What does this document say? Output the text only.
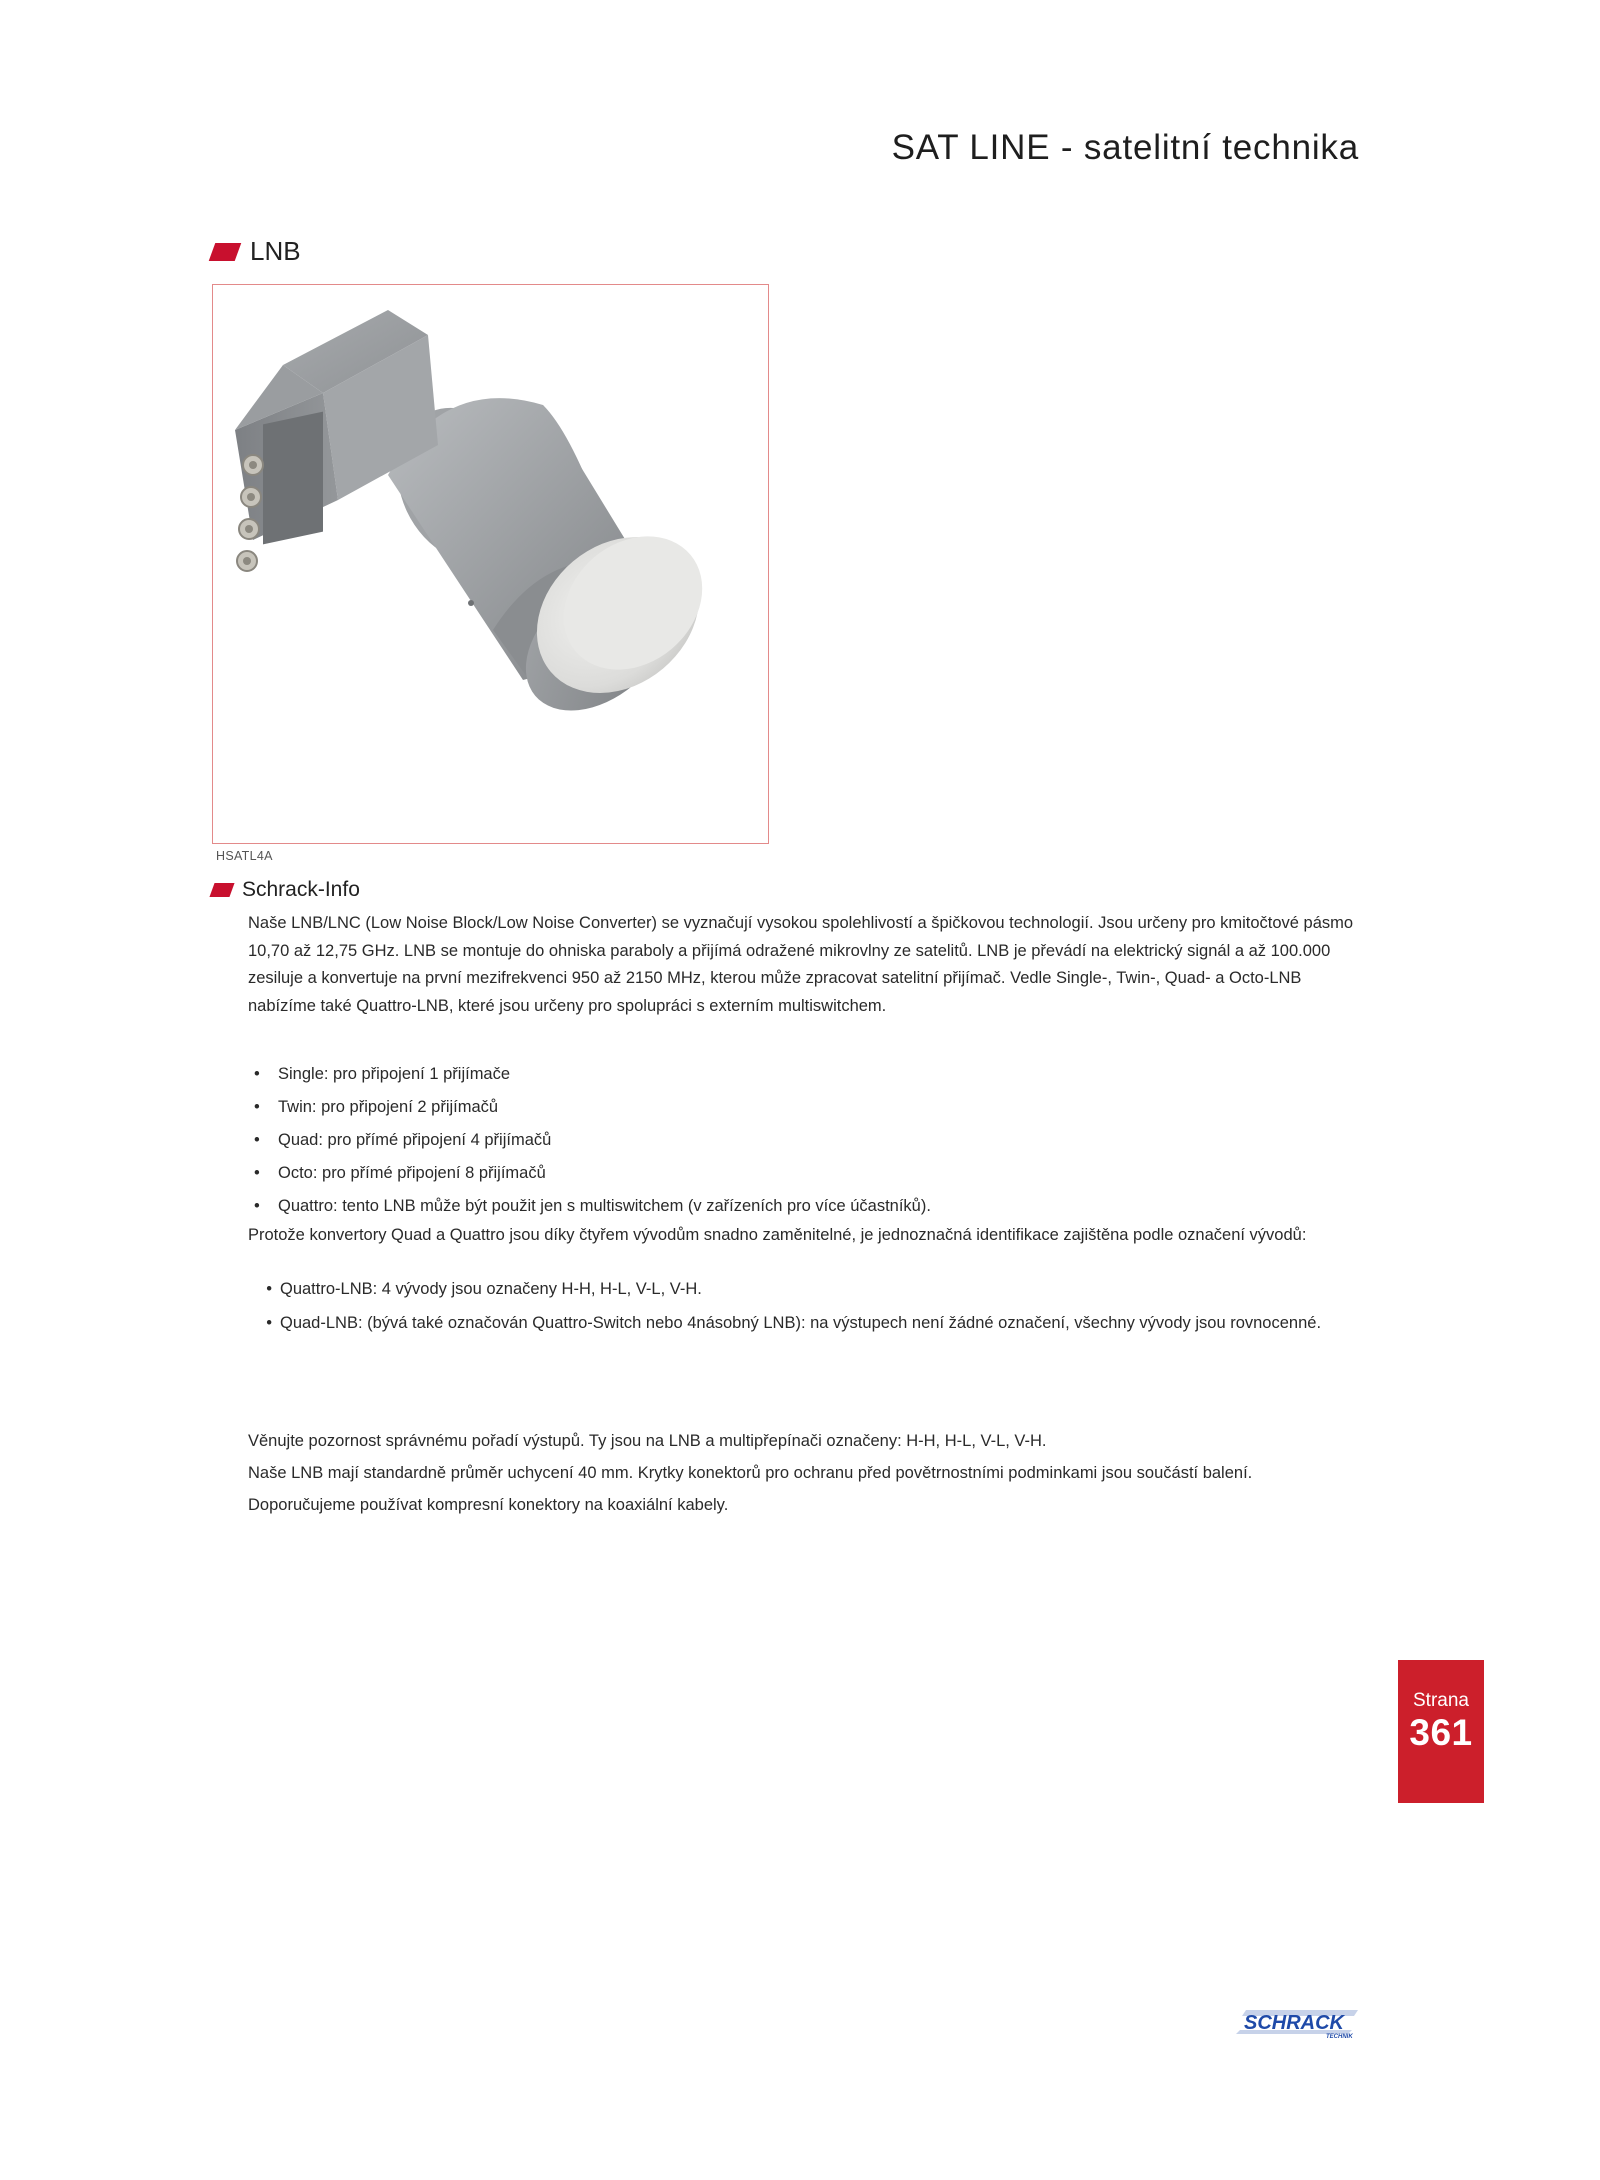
SAT LINE - satelitní technika
LNB
HSATL4A
Schrack-Info
Naše LNB/LNC (Low Noise Block/Low Noise Converter) se vyznačují vysokou spolehlivostí a špičkovou technologií. Jsou určeny pro kmitočtové pásmo 10,70 až 12,75 GHz. LNB se montuje do ohniska paraboly a přijímá odražené mikrovlny ze satelitů. LNB je převádí na elektrický signál a až 100.000 zesiluje a konvertuje na první mezifrekvenci 950 až 2150 MHz, kterou může zpracovat satelitní přijímač. Vedle Single-, Twin-, Quad- a Octo-LNB nabízíme také Quattro-LNB, které jsou určeny pro spolupráci s externím multiswitchem.
• Single: pro připojení 1 přijímače
• Twin: pro připojení 2 přijímačů
• Quad: pro přímé připojení 4 přijímačů
• Octo: pro přímé připojení 8 přijímačů
• Quattro: tento LNB může být použit jen s multiswitchem (v zařízeních pro více účastníků).
Protože konvertory Quad a Quattro jsou díky čtyřem vývodům snadno zaměnitelné, je jednoznačná identifikace zajištěna podle označení vývodů:
• Quattro-LNB: 4 vývody jsou označeny H-H, H-L, V-L, V-H.
• Quad-LNB: (bývá také označován Quattro-Switch nebo 4násobný LNB): na výstupech není žádné označení, všechny vývody jsou rovnocenné.
Věnujte pozornost správnému pořadí výstupů. Ty jsou na LNB a multipřepínači označeny: H-H, H-L, V-L, V-H.
Naše LNB mají standardně průměr uchycení 40 mm. Krytky konektorů pro ochranu před povětrnostními podminkami jsou součástí balení.
Doporučujeme používat kompresní konektory na koaxiální kabely.
Strana
361
SCHRACK
TECHNIK
